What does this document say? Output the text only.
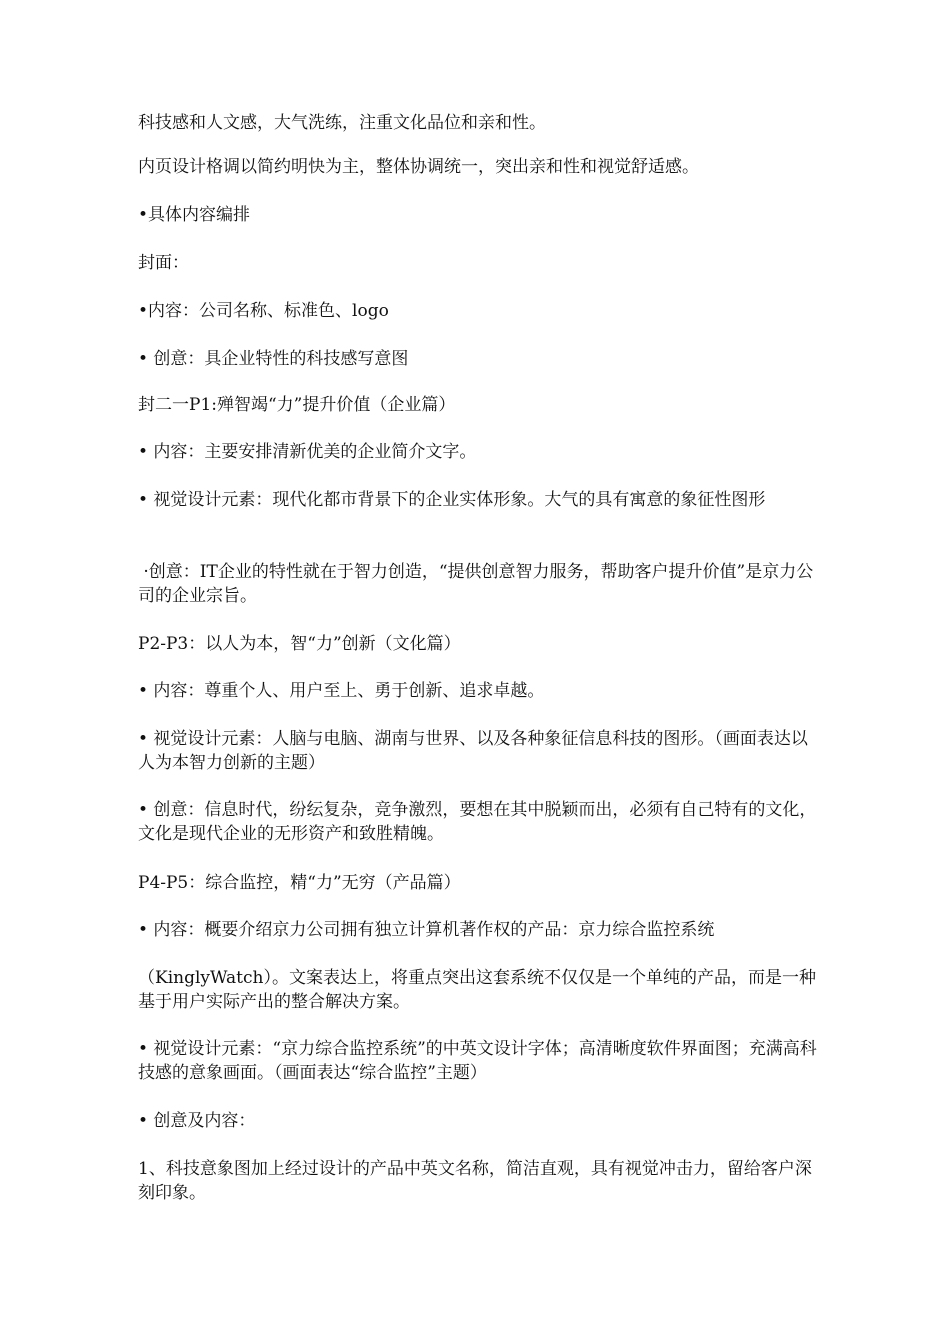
科技感和人文感，大气洗练，注重文化品位和亲和性。

内页设计格调以简约明快为主，整体协调统一，突出亲和性和视觉舒适感。

•具体内容编排

封面：

•内容：公司名称、标准色、logo

• 创意：具企业特性的科技感写意图

封二一P1:殚智竭“力”提升价值（企业篇）

• 内容：主要安排清新优美的企业简介文字。

• 视觉设计元素：现代化都市背景下的企业实体形象。大气的具有寓意的象征性图形

·创意：IT企业的特性就在于智力创造，“提供创意智力服务，帮助客户提升价值”是京力公司的企业宗旨。

P2-P3：以人为本，智“力”创新（文化篇）

• 内容：尊重个人、用户至上、勇于创新、追求卓越。

• 视觉设计元素：人脑与电脑、湖南与世界、以及各种象征信息科技的图形。（画面表达以人为本智力创新的主题）

• 创意：信息时代，纷纭复杂，竞争激烈，要想在其中脱颖而出，必须有自己特有的文化，文化是现代企业的无形资产和致胜精魄。

P4-P5：综合监控，精“力”无穷（产品篇）

• 内容：概要介绍京力公司拥有独立计算机著作权的产品：京力综合监控系统

（KinglyWatch）。文案表达上，将重点突出这套系统不仅仅是一个单纯的产品，而是一种基于用户实际产出的整合解决方案。

• 视觉设计元素：“京力综合监控系统”的中英文设计字体；高清晰度软件界面图；充满高科技感的意象画面。（画面表达“综合监控”主题）

• 创意及内容：

1、科技意象图加上经过设计的产品中英文名称，简洁直观，具有视觉冲击力，留给客户深刻印象。
